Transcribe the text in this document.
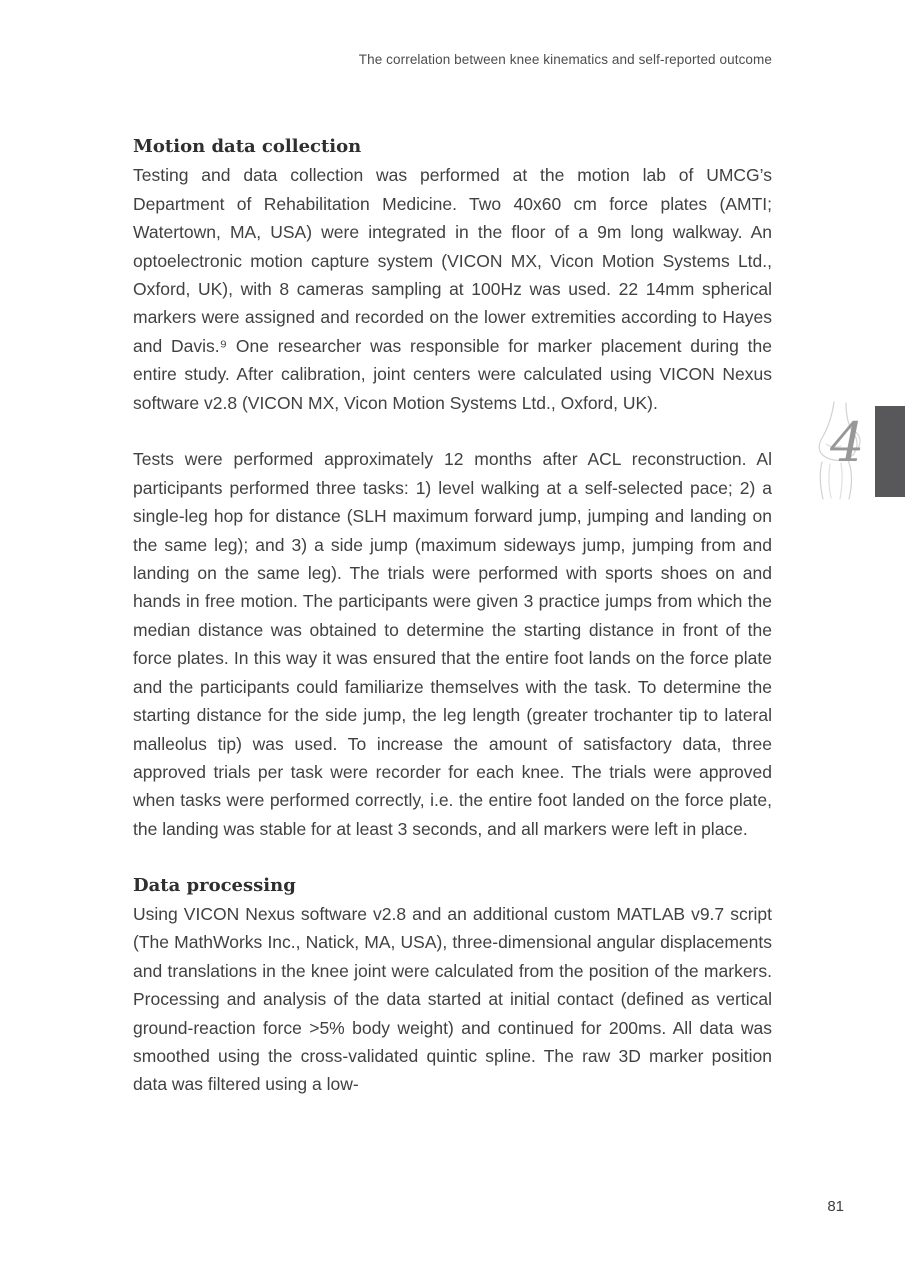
The correlation between knee kinematics and self-reported outcome
Motion data collection

Testing and data collection was performed at the motion lab of UMCG’s Department of Rehabilitation Medicine. Two 40x60 cm force plates (AMTI; Watertown, MA, USA) were integrated in the floor of a 9m long walkway. An optoelectronic motion capture system (VICON MX, Vicon Motion Systems Ltd., Oxford, UK), with 8 cameras sampling at 100Hz was used. 22 14mm spherical markers were assigned and recorded on the lower extremities according to Hayes and Davis.⁹ One researcher was responsible for marker placement during the entire study. After calibration, joint centers were calculated using VICON Nexus software v2.8 (VICON MX, Vicon Motion Systems Ltd., Oxford, UK).

Tests were performed approximately 12 months after ACL reconstruction. Al participants performed three tasks: 1) level walking at a self-selected pace; 2) a single-leg hop for distance (SLH maximum forward jump, jumping and landing on the same leg); and 3) a side jump (maximum sideways jump, jumping from and landing on the same leg). The trials were performed with sports shoes on and hands in free motion. The participants were given 3 practice jumps from which the median distance was obtained to determine the starting distance in front of the force plates. In this way it was ensured that the entire foot lands on the force plate and the participants could familiarize themselves with the task. To determine the starting distance for the side jump, the leg length (greater trochanter tip to lateral malleolus tip) was used. To increase the amount of satisfactory data, three approved trials per task were recorder for each knee. The trials were approved when tasks were performed correctly, i.e. the entire foot landed on the force plate, the landing was stable for at least 3 seconds, and all markers were left in place.

Data processing

Using VICON Nexus software v2.8 and an additional custom MATLAB v9.7 script (The MathWorks Inc., Natick, MA, USA), three-dimensional angular displacements and translations in the knee joint were calculated from the position of the markers. Processing and analysis of the data started at initial contact (defined as vertical ground-reaction force >5% body weight) and continued for 200ms. All data was smoothed using the cross-validated quintic spline. The raw 3D marker position data was filtered using a low-

4
81
